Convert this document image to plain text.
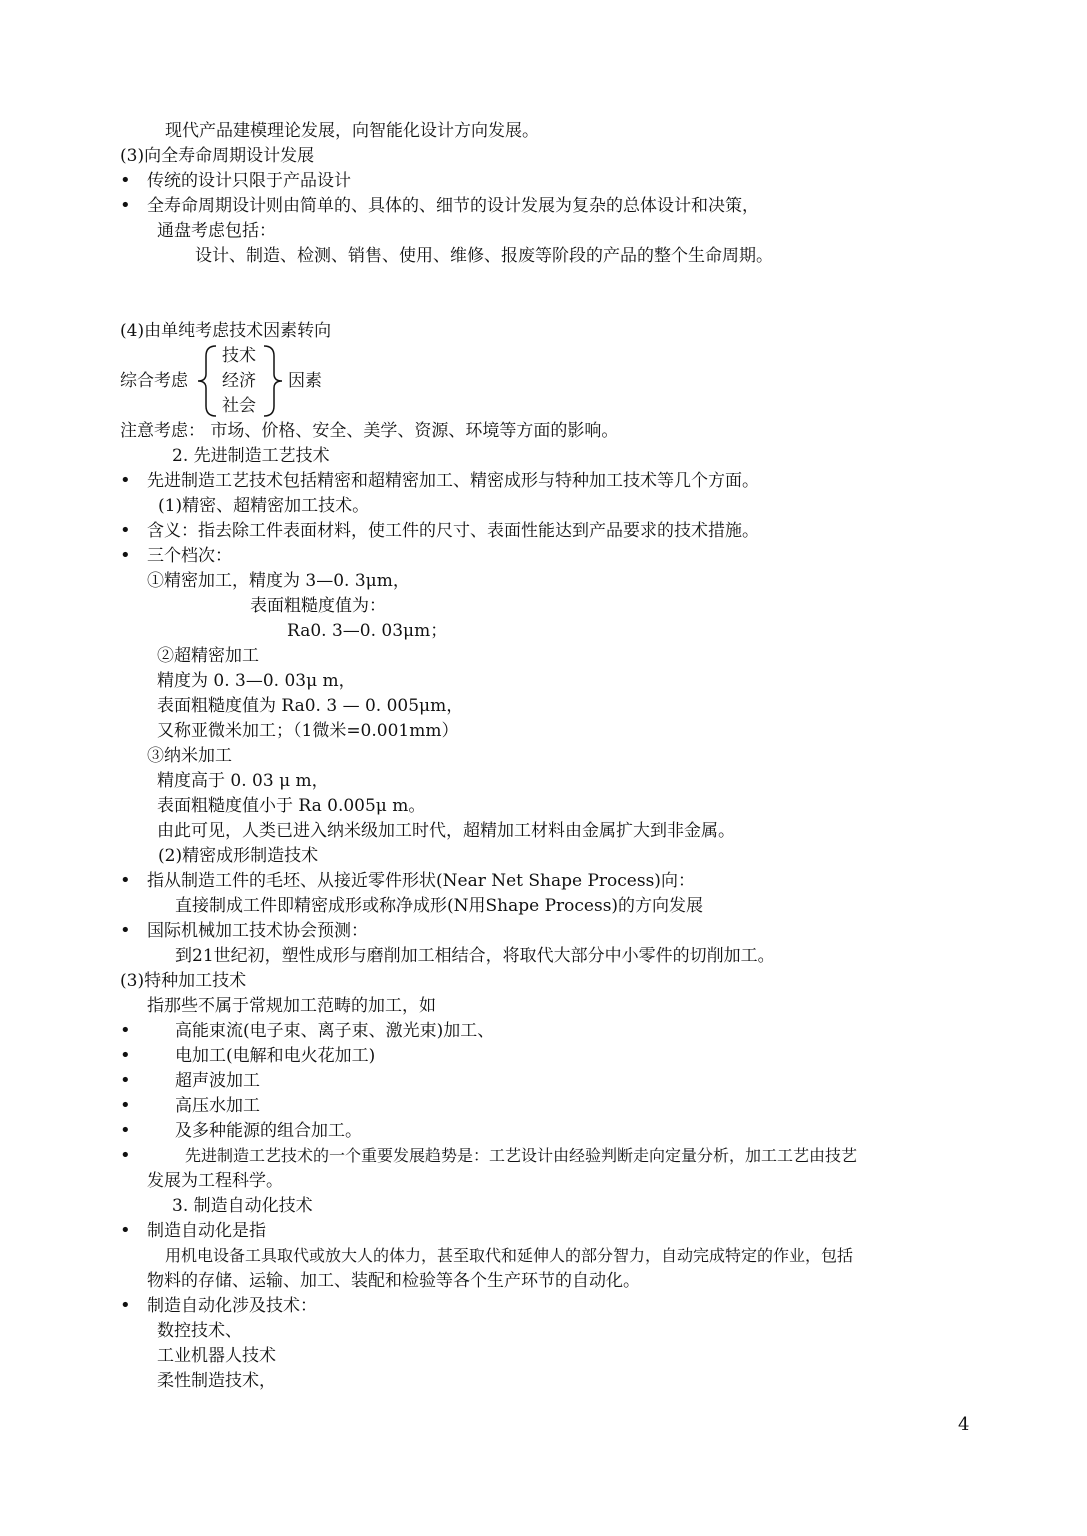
现代产品建模理论发展，向智能化设计方向发展。
(3)向全寿命周期设计发展
• 传统的设计只限于产品设计
• 全寿命周期设计则由简单的、具体的、细节的设计发展为复杂的总体设计和决策，
通盘考虑包括：
设计、制造、检测、销售、使用、维修、报废等阶段的产品的整个生命周期。
(4)由单纯考虑技术因素转向
综合考虑
技术
经济
社会
因素
注意考虑： 市场、价格、安全、美学、资源、环境等方面的影响。
2. 先进制造工艺技术
• 先进制造工艺技术包括精密和超精密加工、精密成形与特种加工技术等几个方面。
(1)精密、超精密加工技术。
• 含义：指去除工件表面材料，使工件的尺寸、表面性能达到产品要求的技术措施。
• 三个档次：
①精密加工，精度为 3—0. 3μm，
表面粗糙度值为：
Ra0. 3—0. 03μm；
②超精密加工
精度为 0. 3—0. 03μ m，
表面粗糙度值为 Ra0. 3 — 0. 005μm，
又称亚微米加工；（1微米=0.001mm）
③纳米加工
精度高于 0. 03 μ m，
表面粗糙度值小于 Ra 0.005μ m。
由此可见，人类已进入纳米级加工时代，超精加工材料由金属扩大到非金属。
(2)精密成形制造技术
• 指从制造工件的毛坯、从接近零件形状(Near Net Shape Process)向：
直接制成工件即精密成形或称净成形(N用Shape Process)的方向发展
• 国际机械加工技术协会预测：
到21世纪初，塑性成形与磨削加工相结合，将取代大部分中小零件的切削加工。
(3)特种加工技术
指那些不属于常规加工范畴的加工，如
•	高能束流(电子束、离子束、激光束)加工、
•	电加工(电解和电火花加工)
•	超声波加工
•	高压水加工
•	及多种能源的组合加工。
•	先进制造工艺技术的一个重要发展趋势是：工艺设计由经验判断走向定量分析，加工工艺由技艺
发展为工程科学。
3. 制造自动化技术
• 制造自动化是指
用机电设备工具取代或放大人的体力，甚至取代和延伸人的部分智力，自动完成特定的作业，包括
物料的存储、运输、加工、装配和检验等各个生产环节的自动化。
• 制造自动化涉及技术：
数控技术、
工业机器人技术
柔性制造技术，
4
